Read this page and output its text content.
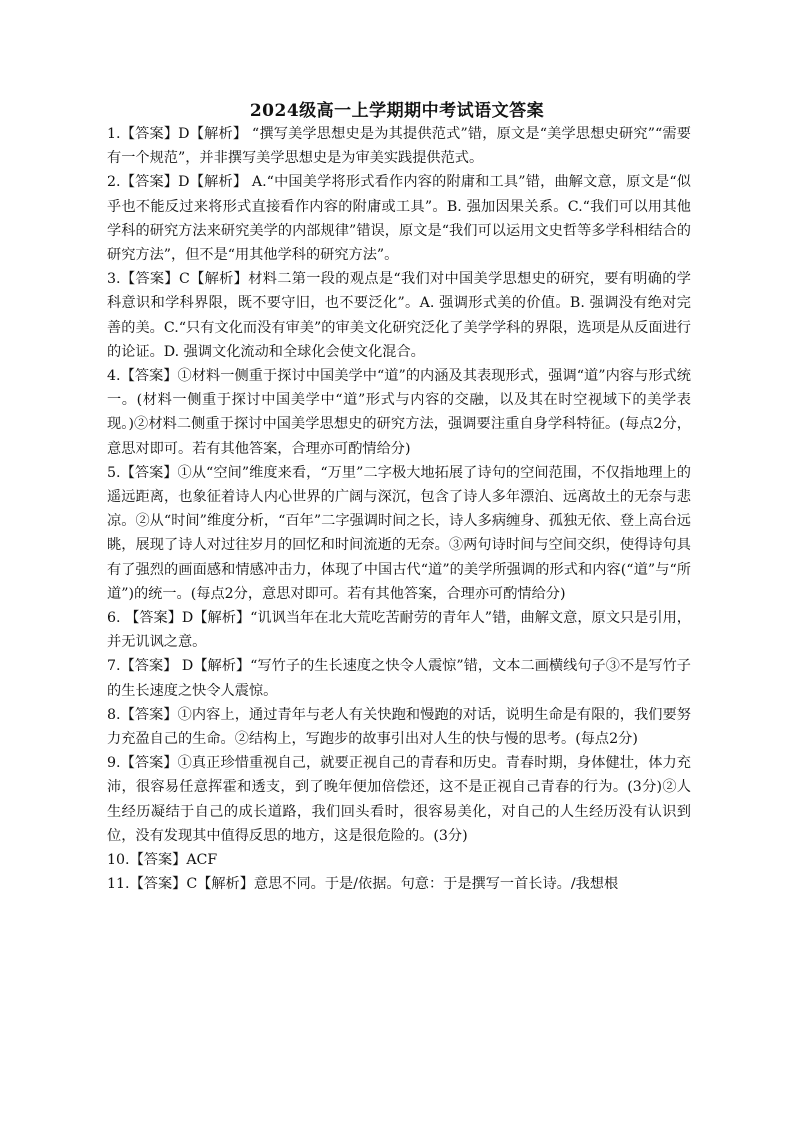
2024级高一上学期期中考试语文答案

1.【答案】D【解析】 “撰写美学思想史是为其提供范式”错，原文是“美学思想史研究”“需要有一个规范”，并非撰写美学思想史是为审美实践提供范式。

2.【答案】D【解析】 A.“中国美学将形式看作内容的附庸和工具”错，曲解文意，原文是“似乎也不能反过来将形式直接看作内容的附庸或工具”。B. 强加因果关系。C.“我们可以用其他学科的研究方法来研究美学的内部规律”错误，原文是“我们可以运用文史哲等多学科相结合的研究方法”，但不是“用其他学科的研究方法”。

3.【答案】C【解析】材料二第一段的观点是“我们对中国美学思想史的研究，要有明确的学科意识和学科界限，既不要守旧，也不要泛化”。A. 强调形式美的价值。B. 强调没有绝对完善的美。C.“只有文化而没有审美”的审美文化研究泛化了美学学科的界限，选项是从反面进行的论证。D. 强调文化流动和全球化会使文化混合。

4.【答案】①材料一侧重于探讨中国美学中“道”的内涵及其表现形式，强调“道”内容与形式统一。(材料一侧重于探讨中国美学中“道”形式与内容的交融，以及其在时空视域下的美学表现。)②材料二侧重于探讨中国美学思想史的研究方法，强调要注重自身学科特征。(每点2分，意思对即可。若有其他答案，合理亦可酌情给分)

5.【答案】①从“空间”维度来看，“万里”二字极大地拓展了诗句的空间范围，不仅指地理上的遥远距离，也象征着诗人内心世界的广阔与深沉，包含了诗人多年漂泊、远离故土的无奈与悲凉。②从“时间”维度分析，“百年”二字强调时间之长，诗人多病缠身、孤独无依、登上高台远眺，展现了诗人对过往岁月的回忆和时间流逝的无奈。③两句诗时间与空间交织，使得诗句具有了强烈的画面感和情感冲击力，体现了中国古代“道”的美学所强调的形式和内容(“道”与“所道”)的统一。(每点2分，意思对即可。若有其他答案，合理亦可酌情给分)

6. 【答案】D【解析】“讥讽当年在北大荒吃苦耐劳的青年人”错，曲解文意，原文只是引用，并无讥讽之意。

7.【答案】 D【解析】“写竹子的生长速度之快令人震惊”错，文本二画横线句子③不是写竹子的生长速度之快令人震惊。

8.【答案】①内容上，通过青年与老人有关快跑和慢跑的对话，说明生命是有限的，我们要努力充盈自己的生命。②结构上，写跑步的故事引出对人生的快与慢的思考。(每点2分)

9.【答案】①真正珍惜重视自己，就要正视自己的青春和历史。青春时期，身体健壮，体力充沛，很容易任意挥霍和透支，到了晚年便加倍偿还，这不是正视自己青春的行为。(3分)②人生经历凝结于自己的成长道路，我们回头看时，很容易美化，对自己的人生经历没有认识到位，没有发现其中值得反思的地方，这是很危险的。(3分)

10.【答案】ACF

11.【答案】C【解析】意思不同。于是/依据。句意：于是撰写一首长诗。/我想根
